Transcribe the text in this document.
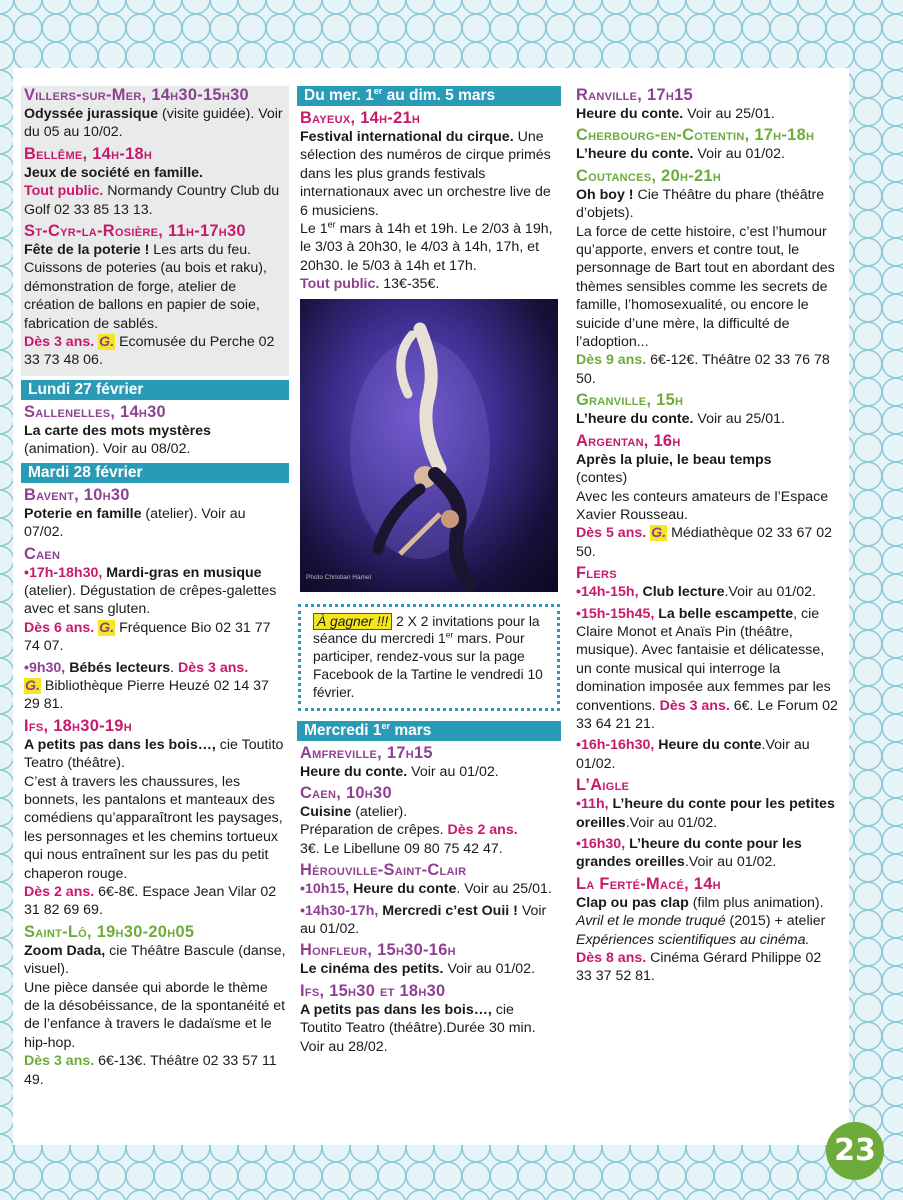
Villers-sur-Mer, 14h30-15h30
Odyssée jurassique (visite guidée). Voir du 05 au 10/02.
Bellême, 14h-18h
Jeux de société en famille.
Tout public. Normandy Country Club du Golf 02 33 85 13 13.
St-Cyr-la-Rosière, 11h-17h30
Fête de la poterie ! Les arts du feu. Cuissons de poteries (au bois et raku), démonstration de forge, atelier de création de ballons en papier de soie, fabrication de sablés.
Dès 3 ans. G. Ecomusée du Perche 02 33 73 48 06.
Lundi 27 février
Sallenelles, 14h30
La carte des mots mystères
(animation). Voir au 08/02.
Mardi 28 février
Bavent, 10h30
Poterie en famille (atelier). Voir au 07/02.
Caen
•17h-18h30, Mardi-gras en musique (atelier). Dégustation de crêpes-galettes avec et sans gluten.
Dès 6 ans. G. Fréquence Bio 02 31 77 74 07.
•9h30, Bébés lecteurs. Dès 3 ans.
G. Bibliothèque Pierre Heuzé 02 14 37 29 81.
Ifs, 18h30-19h
A petits pas dans les bois…, cie Toutito Teatro (théâtre).
C’est à travers les chaussures, les bonnets, les pantalons et manteaux des comédiens qu’apparaîtront les paysages, les personnages et les chemins tortueux qui nous entraînent sur les pas du petit chaperon rouge.
Dès 2 ans. 6€-8€. Espace Jean Vilar 02 31 82 69 69.
Saint-Lô, 19h30-20h05
Zoom Dada, cie Théâtre Bascule (danse, visuel).
Une pièce dansée qui aborde le thème de la désobéissance, de la spontanéité et de l’enfance à travers le dadaïsme et le hip-hop.
Dès 3 ans. 6€-13€. Théâtre 02 33 57 11 49.
Du mer. 1er au dim. 5 mars
Bayeux, 14h-21h
Festival international du cirque. Une sélection des numéros de cirque primés dans les plus grands festivals internationaux avec un orchestre live de 6 musiciens.
Le 1er mars à 14h et 19h. Le 2/03 à 19h, le 3/03 à 20h30, le 4/03 à 14h, 17h, et 20h30. le 5/03 à 14h et 17h.
Tout public. 13€-35€.
Photo Christian Hamel
À gagner !!! 2 X 2 invitations pour la séance du mercredi 1er mars. Pour participer, rendez-vous sur la page Facebook de la Tartine le vendredi 10 février.
Mercredi 1er mars
Amfreville, 17h15
Heure du conte. Voir au 01/02.
Caen, 10h30
Cuisine (atelier).
Préparation de crêpes. Dès 2 ans.
3€. Le Libellune 09 80 75 42 47.
Hérouville-Saint-Clair
•10h15, Heure du conte. Voir au 25/01.
•14h30-17h, Mercredi c’est Ouii ! Voir au 01/02.
Honfleur, 15h30-16h
Le cinéma des petits. Voir au 01/02.
Ifs, 15h30 et 18h30
A petits pas dans les bois…, cie Toutito Teatro (théâtre).Durée 30 min. Voir au 28/02.
Ranville, 17h15
Heure du conte. Voir au 25/01.
Cherbourg-en-Cotentin, 17h-18h
L’heure du conte. Voir au 01/02.
Coutances, 20h-21h
Oh boy ! Cie Théâtre du phare (théâtre d’objets).
La force de cette histoire, c’est l’humour qu’apporte, envers et contre tout, le personnage de Bart tout en abordant des thèmes sensibles comme les secrets de famille, l’homosexualité, ou encore le suicide d’une mère, la difficulté de l’adoption...
Dès 9 ans. 6€-12€. Théâtre 02 33 76 78 50.
Granville, 15h
L’heure du conte. Voir au 25/01.
Argentan, 16h
Après la pluie, le beau temps
(contes)
Avec les conteurs amateurs de l’Espace Xavier Rousseau.
Dès 5 ans. G. Médiathèque 02 33 67 02 50.
Flers
•14h-15h, Club lecture.Voir au 01/02.
•15h-15h45, La belle escampette, cie Claire Monot et Anaïs Pin (théâtre, musique). Avec fantaisie et délicatesse, un conte musical qui interroge la domination imposée aux femmes par les conventions. Dès 3 ans. 6€. Le Forum 02 33 64 21 21.
•16h-16h30, Heure du conte.Voir au 01/02.
L’Aigle
•11h, L’heure du conte pour les petites oreilles.Voir au 01/02.
•16h30, L’heure du conte pour les grandes oreilles.Voir au 01/02.
La Ferté-Macé, 14h
Clap ou pas clap (film plus animation).
Avril et le monde truqué (2015) + atelier Expériences scientifiques au cinéma.
Dès 8 ans. Cinéma Gérard Philippe 02 33 37 52 81.
23
